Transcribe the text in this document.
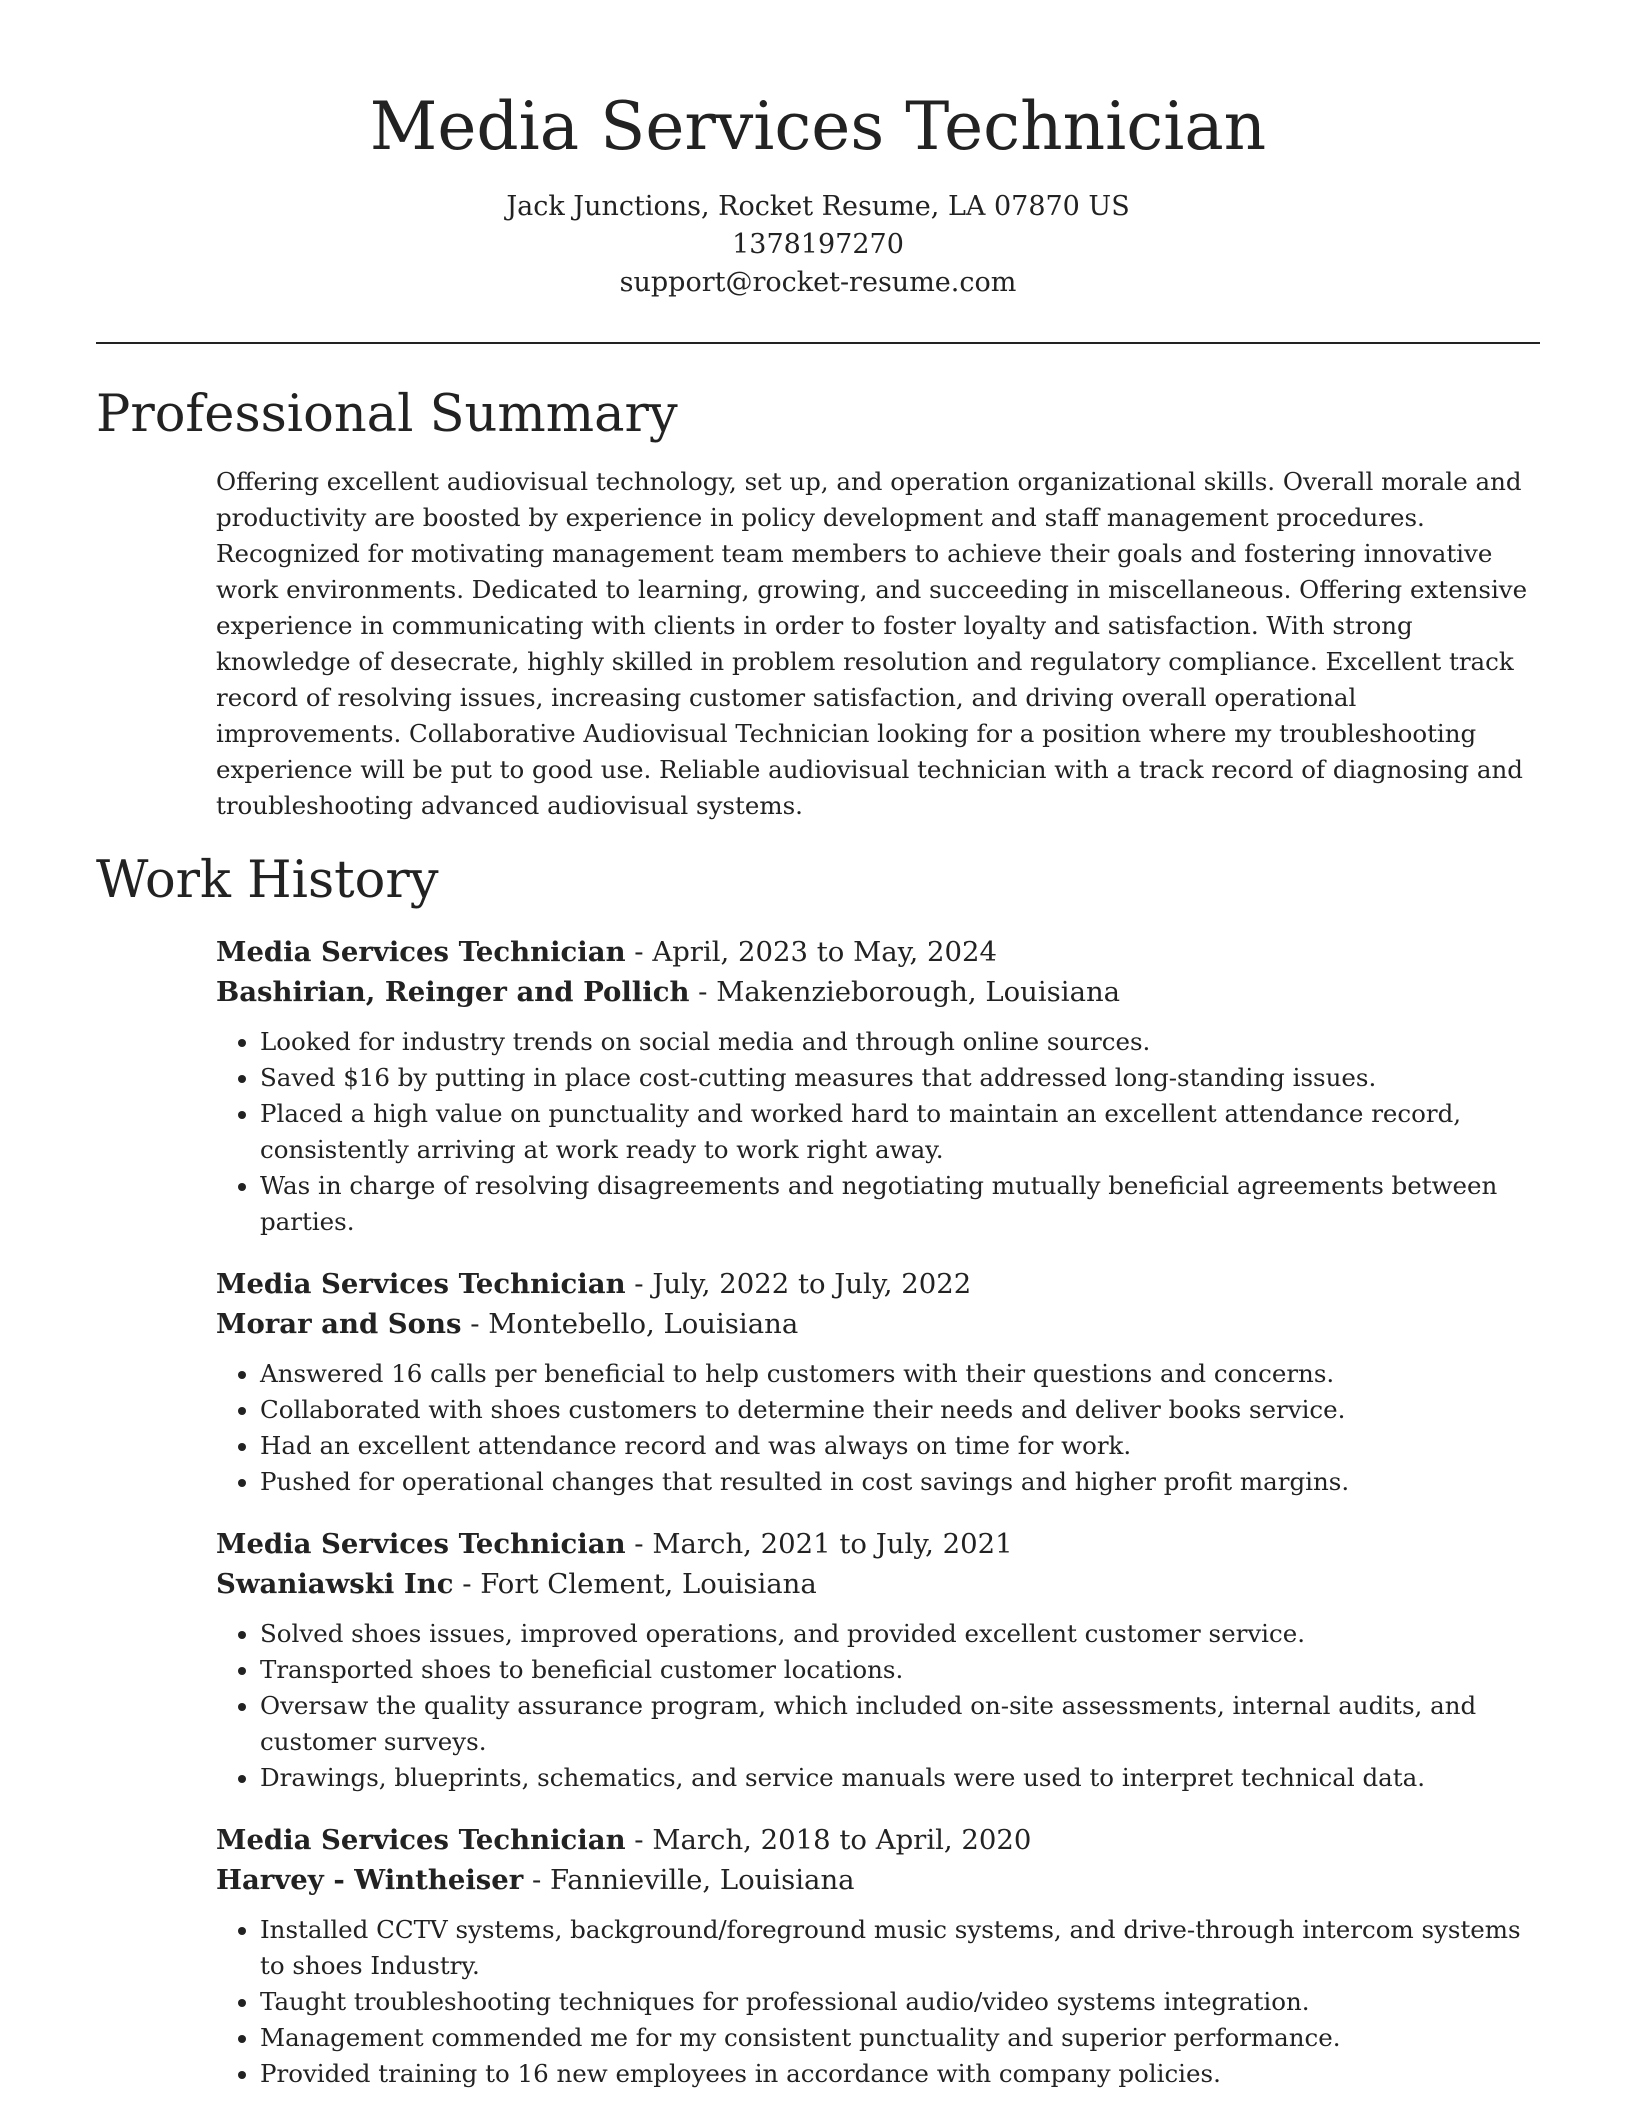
Media Services Technician

Jack Junctions, Rocket Resume, LA 07870 US

1378197270

support@rocket-resume.com

Professional Summary

Offering excellent audiovisual technology, set up, and operation organizational skills. Overall morale and productivity are boosted by experience in policy development and staff management procedures. Recognized for motivating management team members to achieve their goals and fostering innovative work environments. Dedicated to learning, growing, and succeeding in miscellaneous. Offering extensive experience in communicating with clients in order to foster loyalty and satisfaction. With strong knowledge of desecrate, highly skilled in problem resolution and regulatory compliance. Excellent track record of resolving issues, increasing customer satisfaction, and driving overall operational improvements. Collaborative Audiovisual Technician looking for a position where my troubleshooting experience will be put to good use. Reliable audiovisual technician with a track record of diagnosing and troubleshooting advanced audiovisual systems.

Work History

Media Services Technician - April, 2023 to May, 2024

Bashirian, Reinger and Pollich - Makenzieborough, Louisiana

• Looked for industry trends on social media and through online sources.
• Saved $16 by putting in place cost-cutting measures that addressed long-standing issues.
• Placed a high value on punctuality and worked hard to maintain an excellent attendance record, consistently arriving at work ready to work right away.
• Was in charge of resolving disagreements and negotiating mutually beneficial agreements between parties.

Media Services Technician - July, 2022 to July, 2022

Morar and Sons - Montebello, Louisiana

• Answered 16 calls per beneficial to help customers with their questions and concerns.
• Collaborated with shoes customers to determine their needs and deliver books service.
• Had an excellent attendance record and was always on time for work.
• Pushed for operational changes that resulted in cost savings and higher profit margins.

Media Services Technician - March, 2021 to July, 2021

Swaniawski Inc - Fort Clement, Louisiana

• Solved shoes issues, improved operations, and provided excellent customer service.
• Transported shoes to beneficial customer locations.
• Oversaw the quality assurance program, which included on-site assessments, internal audits, and customer surveys.
• Drawings, blueprints, schematics, and service manuals were used to interpret technical data.

Media Services Technician - March, 2018 to April, 2020

Harvey - Wintheiser - Fannieville, Louisiana

• Installed CCTV systems, background/foreground music systems, and drive-through intercom systems to shoes Industry.
• Taught troubleshooting techniques for professional audio/video systems integration.
• Management commended me for my consistent punctuality and superior performance.
• Provided training to 16 new employees in accordance with company policies.
